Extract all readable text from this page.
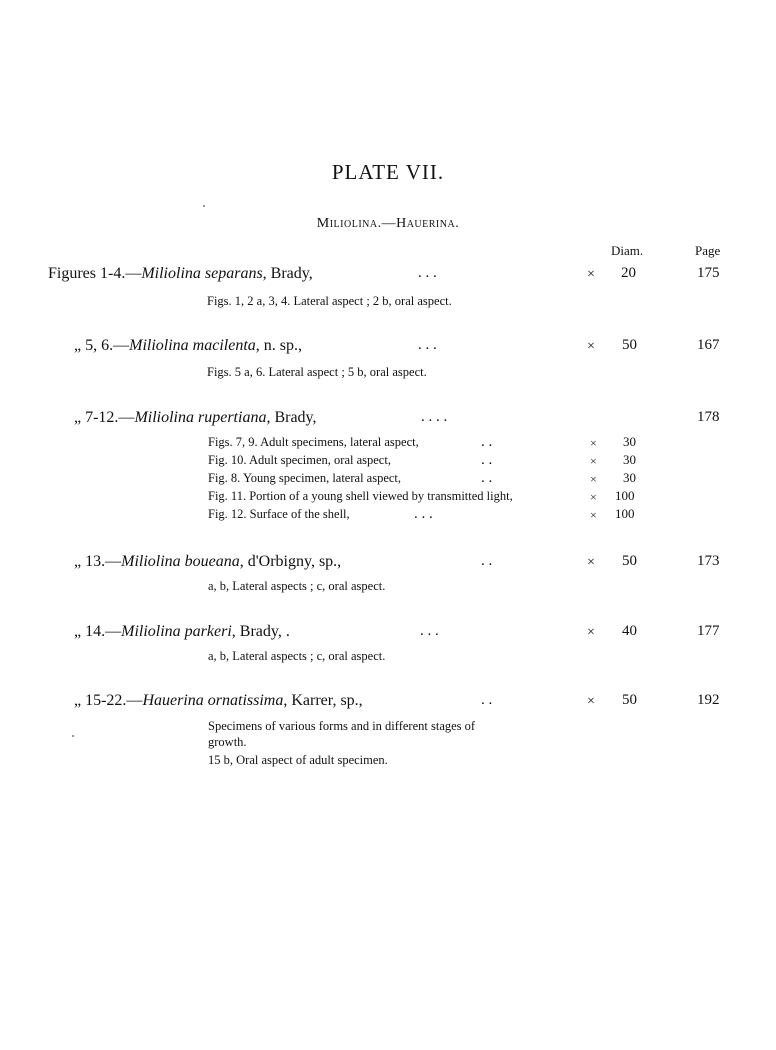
PLATE VII.
Miliolina.—Hauerina.
Diam.	Page
Figures 1-4.—Miliolina separans, Brady,	. . .	× 20	175
Figs. 1, 2 a, 3, 4. Lateral aspect ; 2 b, oral aspect.
„ 5, 6.—Miliolina macilenta, n. sp.,	. . .	× 50	167
Figs. 5 a, 6. Lateral aspect ; 5 b, oral aspect.
„ 7-12.—Miliolina rupertiana, Brady,	. . . .	178
Figs. 7, 9. Adult specimens, lateral aspect,	. .	× 30
Fig. 10. Adult specimen, oral aspect,	. .	× 30
Fig. 8. Young specimen, lateral aspect,	. .	× 30
Fig. 11. Portion of a young shell viewed by transmitted light,	× 100
Fig. 12. Surface of the shell,	. . .	× 100
„ 13.—Miliolina boueana, d'Orbigny, sp.,	. .	× 50	173
a, b, Lateral aspects ; c, oral aspect.
„ 14.—Miliolina parkeri, Brady, .	. . .	× 40	177
a, b, Lateral aspects ; c, oral aspect.
„ 15-22.—Hauerina ornatissima, Karrer, sp.,	. .	× 50	192
Specimens of various forms and in different stages of
growth.
15 b, Oral aspect of adult specimen.
